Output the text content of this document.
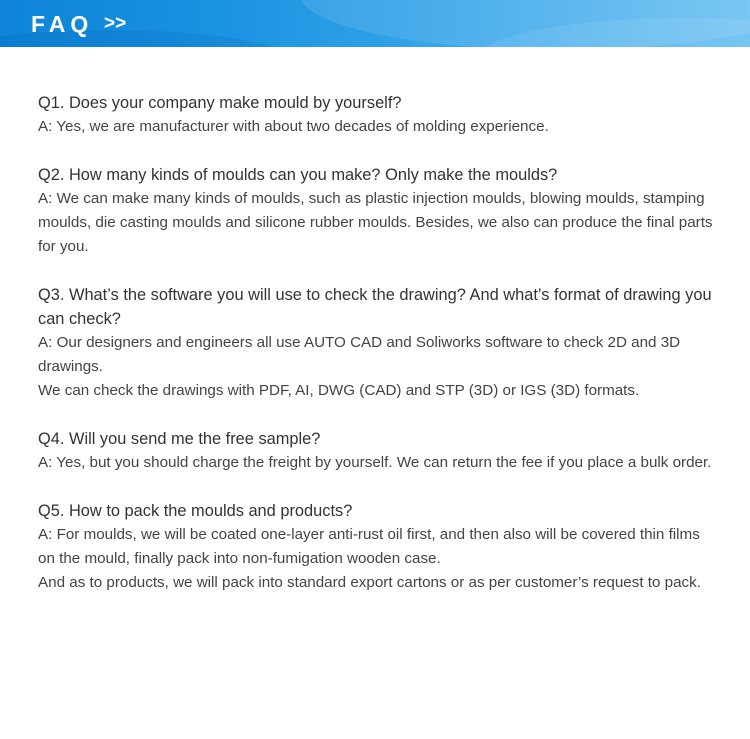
FAQ >>
Q1. Does your company make mould by yourself?
A: Yes, we are manufacturer with about two decades of molding experience.
Q2. How many kinds of moulds can you make? Only make the moulds?
A: We can make many kinds of moulds, such as plastic injection moulds, blowing moulds, stamping moulds, die casting moulds and silicone rubber moulds. Besides, we also can produce the final parts for you.
Q3. What’s the software you will use to check the drawing? And what’s format of drawing you can check?
A: Our designers and engineers all use AUTO CAD and Soliworks software to check 2D and 3D drawings.
We can check the drawings with PDF, AI, DWG (CAD) and STP (3D) or IGS (3D) formats.
Q4. Will you send me the free sample?
A: Yes, but you should charge the freight by yourself. We can return the fee if you place a bulk order.
Q5. How to pack the moulds and products?
A: For moulds, we will be coated one-layer anti-rust oil first, and then also will be covered thin films on the mould, finally pack into non-fumigation wooden case.
And as to products, we will pack into standard export cartons or as per customer’s request to pack.
